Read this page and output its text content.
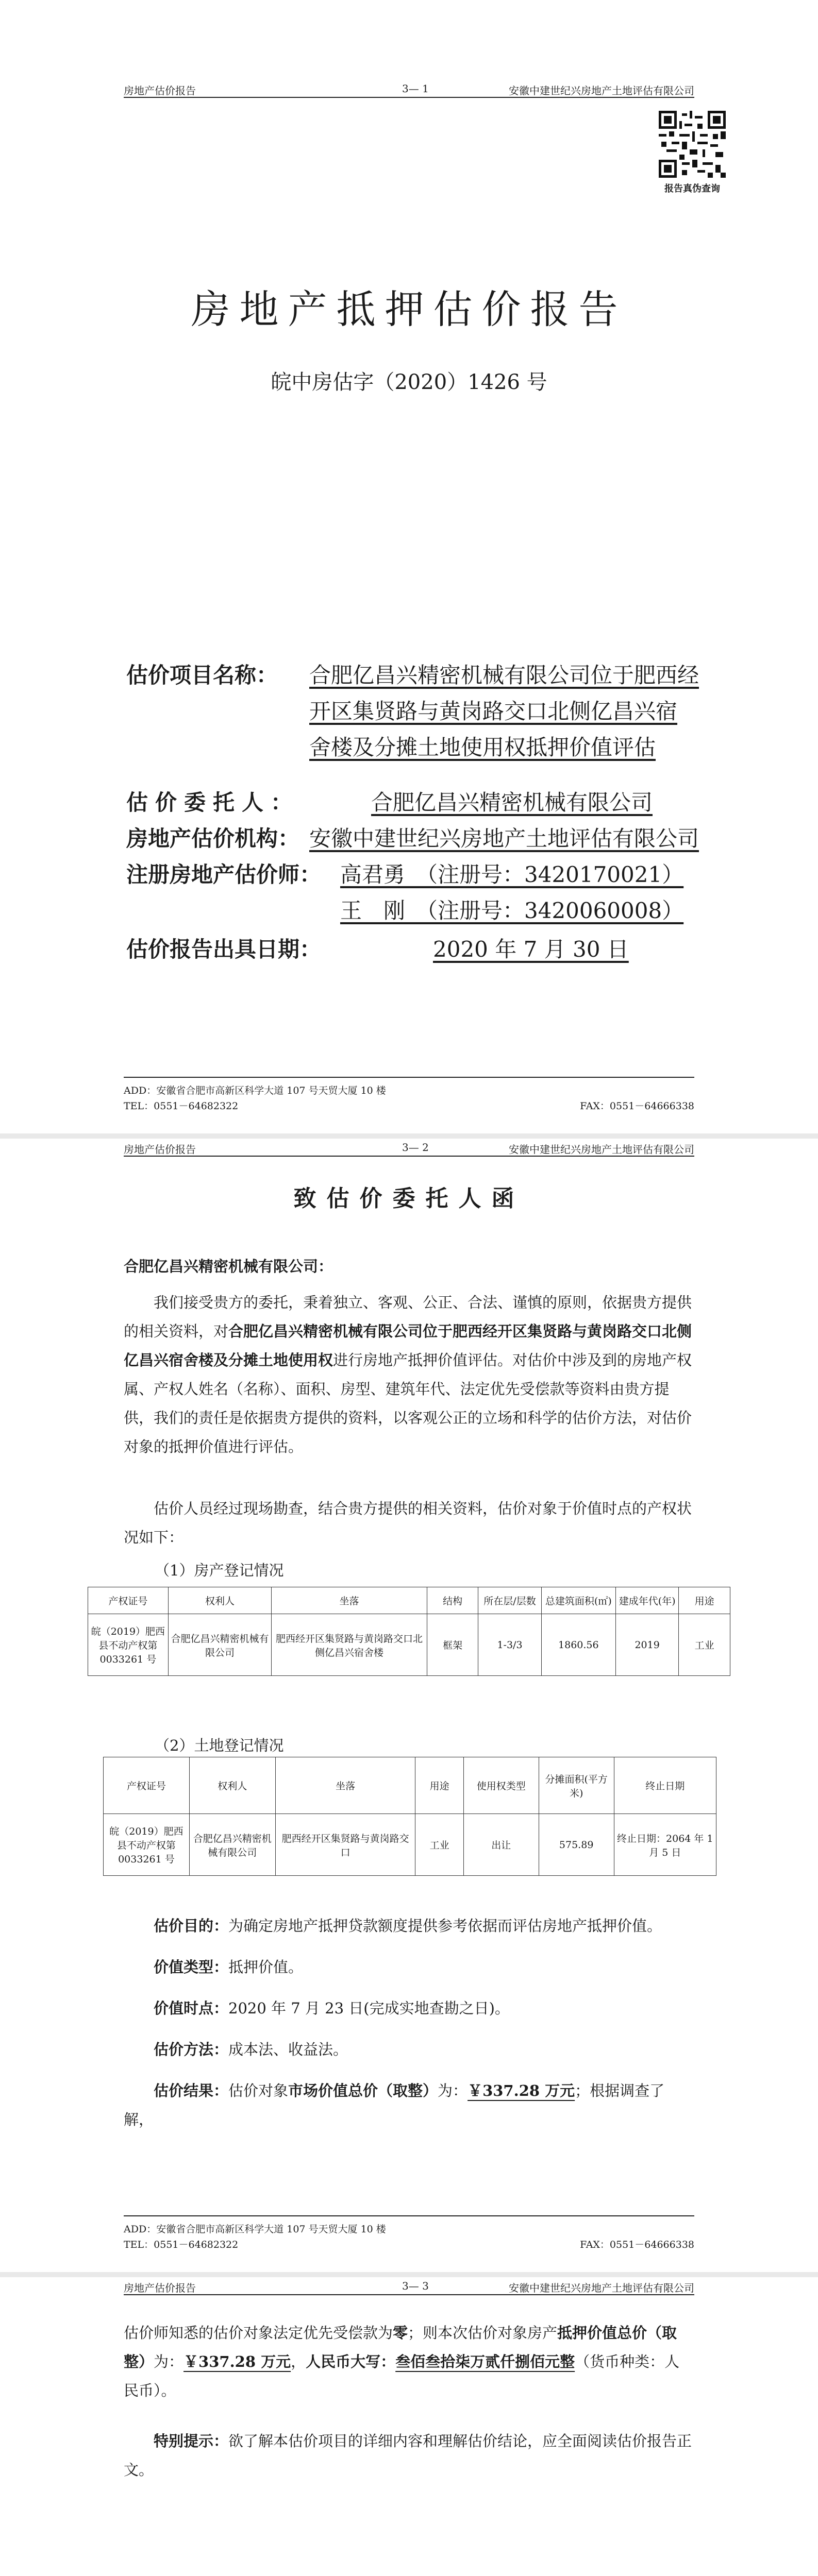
房地产估价报告	3— 1	安徽中建世纪兴房地产土地评估有限公司
报告真伪查询
房地产抵押估价报告
皖中房估字（2020）1426 号
估价项目名称： 合肥亿昌兴精密机械有限公司位于肥西经
开区集贤路与黄岗路交口北侧亿昌兴宿
舍楼及分摊土地使用权抵押价值评估
估价委托人：	合肥亿昌兴精密机械有限公司
房地产估价机构： 安徽中建世纪兴房地产土地评估有限公司
注册房地产估价师： 高君勇　（注册号：3420170021）
王　刚　（注册号：3420060008）
估价报告出具日期：	2020 年 7 月 30 日
ADD：安徽省合肥市高新区科学大道 107 号天贸大厦 10 楼
TEL：0551－64682322	FAX：0551－64666338
房地产估价报告	3— 2	安徽中建世纪兴房地产土地评估有限公司
致估价委托人函
合肥亿昌兴精密机械有限公司：
我们接受贵方的委托，秉着独立、客观、公正、合法、谨慎的原则，依据贵方提供的相关资料，对合肥亿昌兴精密机械有限公司位于肥西经开区集贤路与黄岗路交口北侧亿昌兴宿舍楼及分摊土地使用权进行房地产抵押价值评估。对估价中涉及到的房地产权属、产权人姓名（名称）、面积、房型、建筑年代、法定优先受偿款等资料由贵方提供，我们的责任是依据贵方提供的资料，以客观公正的立场和科学的估价方法，对估价对象的抵押价值进行评估。
估价人员经过现场勘查，结合贵方提供的相关资料，估价对象于价值时点的产权状况如下：
（1）房产登记情况
产权证号	权利人	坐落	结构	所在层/层数	总建筑面积(㎡)	建成年代(年)	用途
皖（2019）肥西县不动产权第 0033261 号	合肥亿昌兴精密机械有限公司	肥西经开区集贤路与黄岗路交口北侧亿昌兴宿舍楼	框架	1-3/3	1860.56	2019	工业
（2）土地登记情况
产权证号	权利人	坐落	用途	使用权类型	分摊面积(平方米)	终止日期
皖（2019）肥西县不动产权第 0033261 号	合肥亿昌兴精密机械有限公司	肥西经开区集贤路与黄岗路交口	工业	出让	575.89	终止日期：2064 年 1 月 5 日
估价目的：为确定房地产抵押贷款额度提供参考依据而评估房地产抵押价值。
价值类型：抵押价值。
价值时点：2020 年 7 月 23 日(完成实地查勘之日)。
估价方法：成本法、收益法。
估价结果：估价对象市场价值总价（取整）为：￥337.28 万元；根据调查了解，
ADD：安徽省合肥市高新区科学大道 107 号天贸大厦 10 楼
TEL：0551－64682322	FAX：0551－64666338
房地产估价报告	3— 3	安徽中建世纪兴房地产土地评估有限公司
估价师知悉的估价对象法定优先受偿款为零；则本次估价对象房产抵押价值总价（取整）为：￥337.28 万元，人民币大写：叁佰叁拾柒万贰仟捌佰元整（货币种类：人民币）。
特别提示：欲了解本估价项目的详细内容和理解估价结论，应全面阅读估价报告正文。
